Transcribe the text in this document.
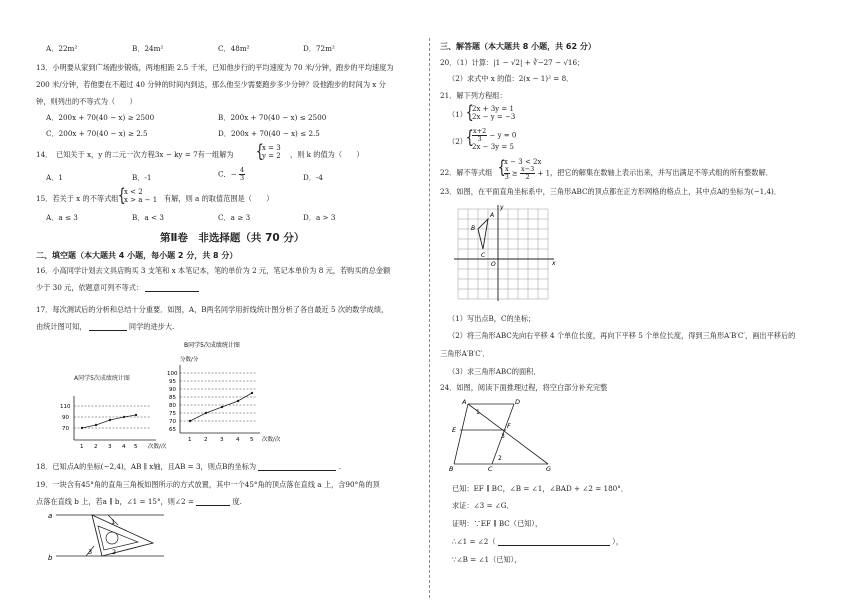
A．22m²	B．24m²	C．48m²	D．72m²
13．小明要从家到广场跑步锻炼，两地相距 2.5 千米，已知他步行的平均速度为 70 米/分钟，跑步的平均速度为
200 米/分钟，若他要在不超过 40 分钟的时间内到达，那么他至少需要跑步多少分钟？设他跑步的时间为 x 分
钟，则列出的不等式为（　　）
A．200x + 70(40 − x) ≥ 2500	B．200x + 70(40 − x) ≤ 2500
C．200x + 70(40 − x) ≥ 2.5	D．200x + 70(40 − x) ≤ 2.5
14．　已知关于 x，y 的二元一次方程3x − ky = 7有一组解为 {
x = 3
y = 2 ，则 k 的值为（　　）
A．1	B．-1	C．− $\frac{4}{3}$	D．-4
15．若关于 x 的不等式组 {
x < 2
x > a − 1 有解，则 a 的取值范围是（　　）
A．a ≤ 3	B．a < 3	C．a ≥ 3	D．a > 3
第Ⅱ卷　非选择题（共 70 分）
二、填空题（本大题共 4 小题，每小题 2 分，共 8 分）
16．小高同学计划去文具店购买 3 支笔和 x 本笔记本，笔的单价为 2 元，笔记本单价为 8 元，若购买的总金额
少于 30 元，依题意可列不等式：
17．每次测试后的分析和总结十分重要．如图，A，B两名同学用折线统计图分析了各自最近 5 次的数学成绩，
由统计图可知，	同学的进步大.
A同学5次成绩统计图
110
90
70
1 2 3 4 5 次数/次
B同学5次成绩统计图
分数/分
100
95
90
85
80
75
70
65
1 2 3 4 5 次数/次
18．已知点A的坐标(−2,4)，AB ∥ x轴，且AB = 3，则点B的坐标为	.
19．一块含有45°角的直角三角板如图所示的方式放置，其中一个45°角的顶点落在直线 a 上，含90°角的顶
点落在直线 b 上，若a ∥ b，∠1 = 15°，则∠2 =	度.
a
b
1
2
3
三、解答题（本大题共 8 小题，共 62 分）
20．（1）计算：|1 − √2| + ∛−27 − √16；
（2）求式中 x 的值：2(x − 1)² = 8．
21．解下列方程组：
（1）
{
2x + 3y = 1
2x − y = −3
（2）
{
$\frac{x+2}{3} - y = 0$
2x − 3y = 5
22．解不等式组 {
x − 3 < 2x
$\frac{x}{3} \ge \frac{x-3}{2} + 1$ ，把它的解集在数轴上表示出来，并写出满足不等式组的所有整数解．
23．如图，在平面直角坐标系中，三角形ABC的顶点都在正方形网格的格点上，其中点A的坐标为(−1,4)．
x
y
O
A
B
C
（1）写出点B，C的坐标；
（2）将三角形ABC先向右平移 4 个单位长度，再向下平移 5 个单位长度，得到三角形A′B′C′，画出平移后的
三角形A′B′C′．
（3）求三角形ABC的面积．
24．如图，阅读下面推理过程，将空白部分补充完整
A	D
E	F
B	C	G
1
2
3
已知：EF ∥ BC，∠B = ∠1，∠BAD + ∠2 = 180°．
求证：∠3 = ∠G．
证明：∵EF ∥ BC（已知），
∴∠1 = ∠2（	），
∵∠B = ∠1（已知），
